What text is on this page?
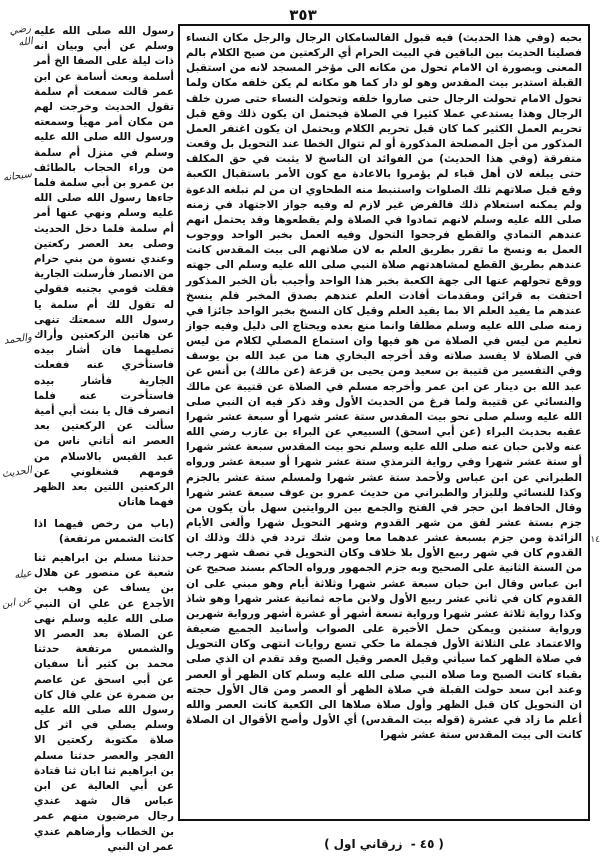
٣٥٣
رضي الله
سبحانه
والحمد
الحديث
عيله
عن ابن

رسول الله صلى الله عليه وسلم عن أبي وبيان انه ذات ليلة على الصفا الخ أمر أسلمة وبعث أسامة عن ابن عمر قالت سمعت أم سلمة تقول الحديث وخرجت لهم من مكان أمر مهيأ وسمعته ورسول الله صلى الله عليه وسلم في منزل أم سلمة من وراء الحجاب بالطائف بن عمرو بن أبي سلمة فلما جاءها رسول الله صلى الله عليه وسلم ونهي عنها أمر أم سلمة فلما دخل الحديث وصلى بعد العصر ركعتين وعندي نسوة من بني حرام من الانصار فأرسلت الجارية فقلت قومي بجنبه فقولي له تقول لك أم سلمة يا رسول الله سمعتك تنهى عن هاتين الركعتين وأراك تصليهما فان أشار بيده فاستأخري عنه ففعلت الجارية فأشار بيده فاستأخرت عنه فلما انصرف قال يا بنت أبي أمية سألت عن الركعتين بعد العصر انه أتاني ناس من عبد القيس بالاسلام من قومهم فشغلوني عن الركعتين اللتين بعد الظهر فهما هاتان

(باب من رخص فيهما اذا كانت الشمس مرتفعة)

حدثنا مسلم بن ابراهيم ثنا شعبة عن منصور عن هلال بن يساف عن وهب بن الأجدع عن علي ان النبي صلى الله عليه وسلم نهى عن الصلاة بعد العصر الا والشمس مرتفعة حدثنا محمد بن كثير أنا سفيان عن أبي اسحق عن عاصم بن ضمرة عن علي قال كان رسول الله صلى الله عليه وسلم يصلي في اثر كل صلاة مكتوبة ركعتين الا الفجر والعصر حدثنا مسلم بن ابراهيم ثنا ابان ثنا قتادة عن أبي العالية عن ابن عباس قال شهد عندي رجال مرضيون منهم عمر بن الخطاب وأرضاهم عندي عمر ان النبي

بحبه (وفي هذا الحديث) فيه قبول الفالسامكان الرجال والرجل مكان النساء فصلينا الحديث بين الباقين في البيت الحرام أي الركعتين من صبح الكلام بالم المعنى وبصورة ان الامام تحول من مكانه الى مؤخر المسجد لانه من استقبل القبلة استدبر بيت المقدس وهو لو دار كما هو مكانه لم يكن خلفه مكان ولما تحول الامام تحولت الرجال حتى صاروا خلفه وتحولت النساء حتى صرن خلف الرجال وهذا يستدعي عملا كثيرا في الصلاة فيحتمل ان يكون ذلك وقع قبل تحريم العمل الكثير كما كان قبل تحريم الكلام ويحتمل ان يكون اغتفر العمل المذكور من أجل المصلحة المذكورة أو لم تتوال الخطا عند التحويل بل وقعت متفرقة (وفي هذا الحديث) من الفوائد ان الناسخ لا يثبت في حق المكلف حتى يبلغه لان أهل قباء لم يؤمروا بالاعادة مع كون الأمر باستقبال الكعبة وقع قبل صلاتهم تلك الصلوات واستنبط منه الطحاوي ان من لم تبلغه الدعوة ولم يمكنه استعلام ذلك فالفرض غير لازم له وفيه جواز الاجتهاد في زمنه صلى الله عليه وسلم لانهم تمادوا في الصلاة ولم يقطعوها وقد يحتمل انهم عندهم التمادي والقطع فرجحوا التحول وفيه العمل بخبر الواحد ووجوب العمل به ونسخ ما تقرر بطريق العلم به لان صلاتهم الى بيت المقدس كانت عندهم بطريق القطع لمشاهدتهم صلاة النبي صلى الله عليه وسلم الى جهته ووقع تحولهم عنها الى جهة الكعبة بخبر هذا الواحد وأجيب بأن الخبر المذكور احتفت به قرائن ومقدمات أفادت العلم عندهم بصدق المخبر فلم ينسخ عندهم ما يفيد العلم الا بما يفيد العلم وقيل كان النسخ بخبر الواحد جائزا في زمنه صلى الله عليه وسلم مطلقا وانما منع بعده ويحتاج الى دليل وفيه جواز تعليم من ليس في الصلاة من هو فيها وان استماع المصلي لكلام من ليس في الصلاة لا يفسد صلاته وقد أخرجه البخاري هنا من عبد الله بن يوسف وفي التفسير من قتيبة بن سعيد ومن يحيى بن قزعة (عن مالك) بن أنس عن عبد الله بن دينار عن ابن عمر وأخرجه مسلم في الصلاة عن قتيبة عن مالك والنسائي عن قتيبة ولما فرغ من الحديث الأول وقد ذكر فيه ان النبي صلى الله عليه وسلم صلى نحو بيت المقدس ستة عشر شهرا أو سبعة عشر شهرا عقبه بحديث البراء (عن أبي اسحق) السبيعي عن البراء بن عازب رضي الله عنه ولابن حبان عنه صلى الله عليه وسلم نحو بيت المقدس سبعة عشر شهرا أو ستة عشر شهرا وفي رواية الترمذي ستة عشر شهرا أو سبعة عشر ورواه الطبراني عن ابن عباس ولأحمد ستة عشر شهرا ولمسلم ستة عشر بالجزم وكذا للنسائي وللبزار والطبراني من حديث عمرو بن عوف سبعة عشر شهرا وقال الحافظ ابن حجر في الفتح والجمع بين الروايتين سهل بأن يكون من جزم بستة عشر لفق من شهر القدوم وشهر التحويل شهرا وألغى الأيام الزائدة ومن جزم بسبعة عشر عدهما معا ومن شك تردد في ذلك وذلك ان القدوم كان في شهر ربيع الأول بلا خلاف وكان التحويل في نصف شهر رجب من السنة الثانية على الصحيح وبه جزم الجمهور ورواه الحاكم بسند صحيح عن ابن عباس وقال ابن حبان سبعة عشر شهرا وثلاثة أيام وهو مبني على ان القدوم كان في ثاني عشر ربيع الأول ولابن ماجه ثمانية عشر شهرا وهو شاذ وكذا رواية ثلاثة عشر شهرا ورواية تسعة أشهر أو عشرة أشهر ورواية شهرين ورواية سنتين ويمكن حمل الأخيرة على الصواب وأسانيد الجميع ضعيفة والاعتماد على الثلاثة الأول فجملة ما حكي تسع روايات انتهى وكان التحويل في صلاة الظهر كما سيأتي وقيل العصر وقيل الصبح وقد تقدم ان الذي صلى بقباء كانت الصبح وما صلاه النبي صلى الله عليه وسلم كان الظهر أو العصر وعند ابن سعد حولت القبلة في صلاة الظهر أو العصر ومن قال الأول حجته ان التحويل كان قبل الظهر وأول صلاة صلاها الى الكعبة كانت العصر والله أعلم ما زاد في عشرة (قوله بيت المقدس) أي الأول وأصح الأقوال ان الصلاة كانت الى بيت المقدس ستة عشر شهرا

١٤
(٤٥- زرقاني اول)
